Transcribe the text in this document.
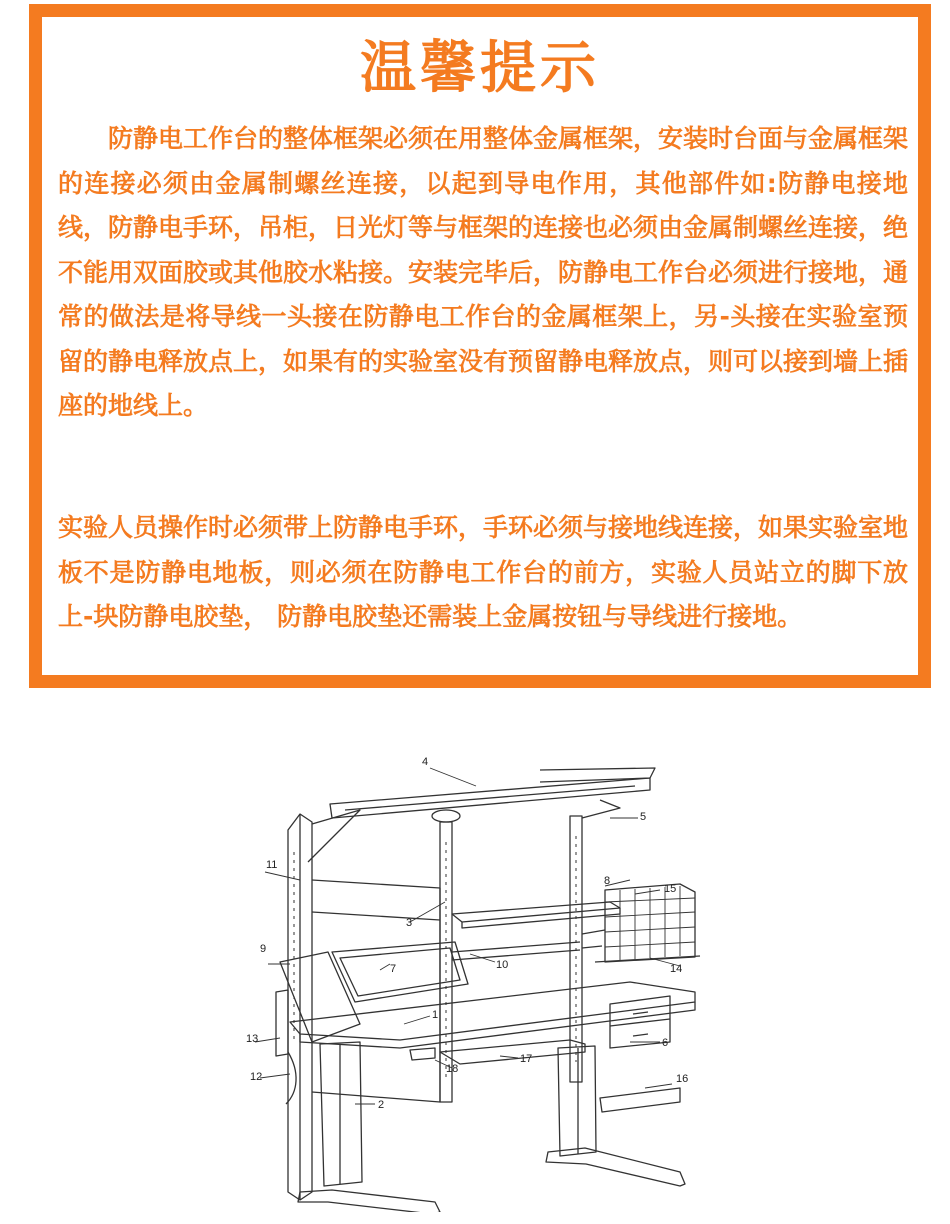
温馨提示

防静电工作台的整体框架必须在用整体金属框架，安装时台面与金属框架的连接必须由金属制螺丝连接，以起到导电作用，其他部件如:防静电接地线，防静电手环，吊柜，日光灯等与框架的连接也必须由金属制螺丝连接，绝不能用双面胶或其他胶水粘接。安装完毕后，防静电工作台必须进行接地，通常的做法是将导线一头接在防静电工作台的金属框架上，另-头接在实验室预留的静电释放点上，如果有的实验室没有预留静电释放点，则可以接到墙上插座的地线上。

实验人员操作时必须带上防静电手环，手环必须与接地线连接，如果实验室地板不是防静电地板，则必须在防静电工作台的前方，实验人员站立的脚下放上-块防静电胶垫， 防静电胶垫还需装上金属按钮与导线进行接地。

4
5
3
8
15
9
11
10
7
1
6
13
12
14
16
2
17
18
